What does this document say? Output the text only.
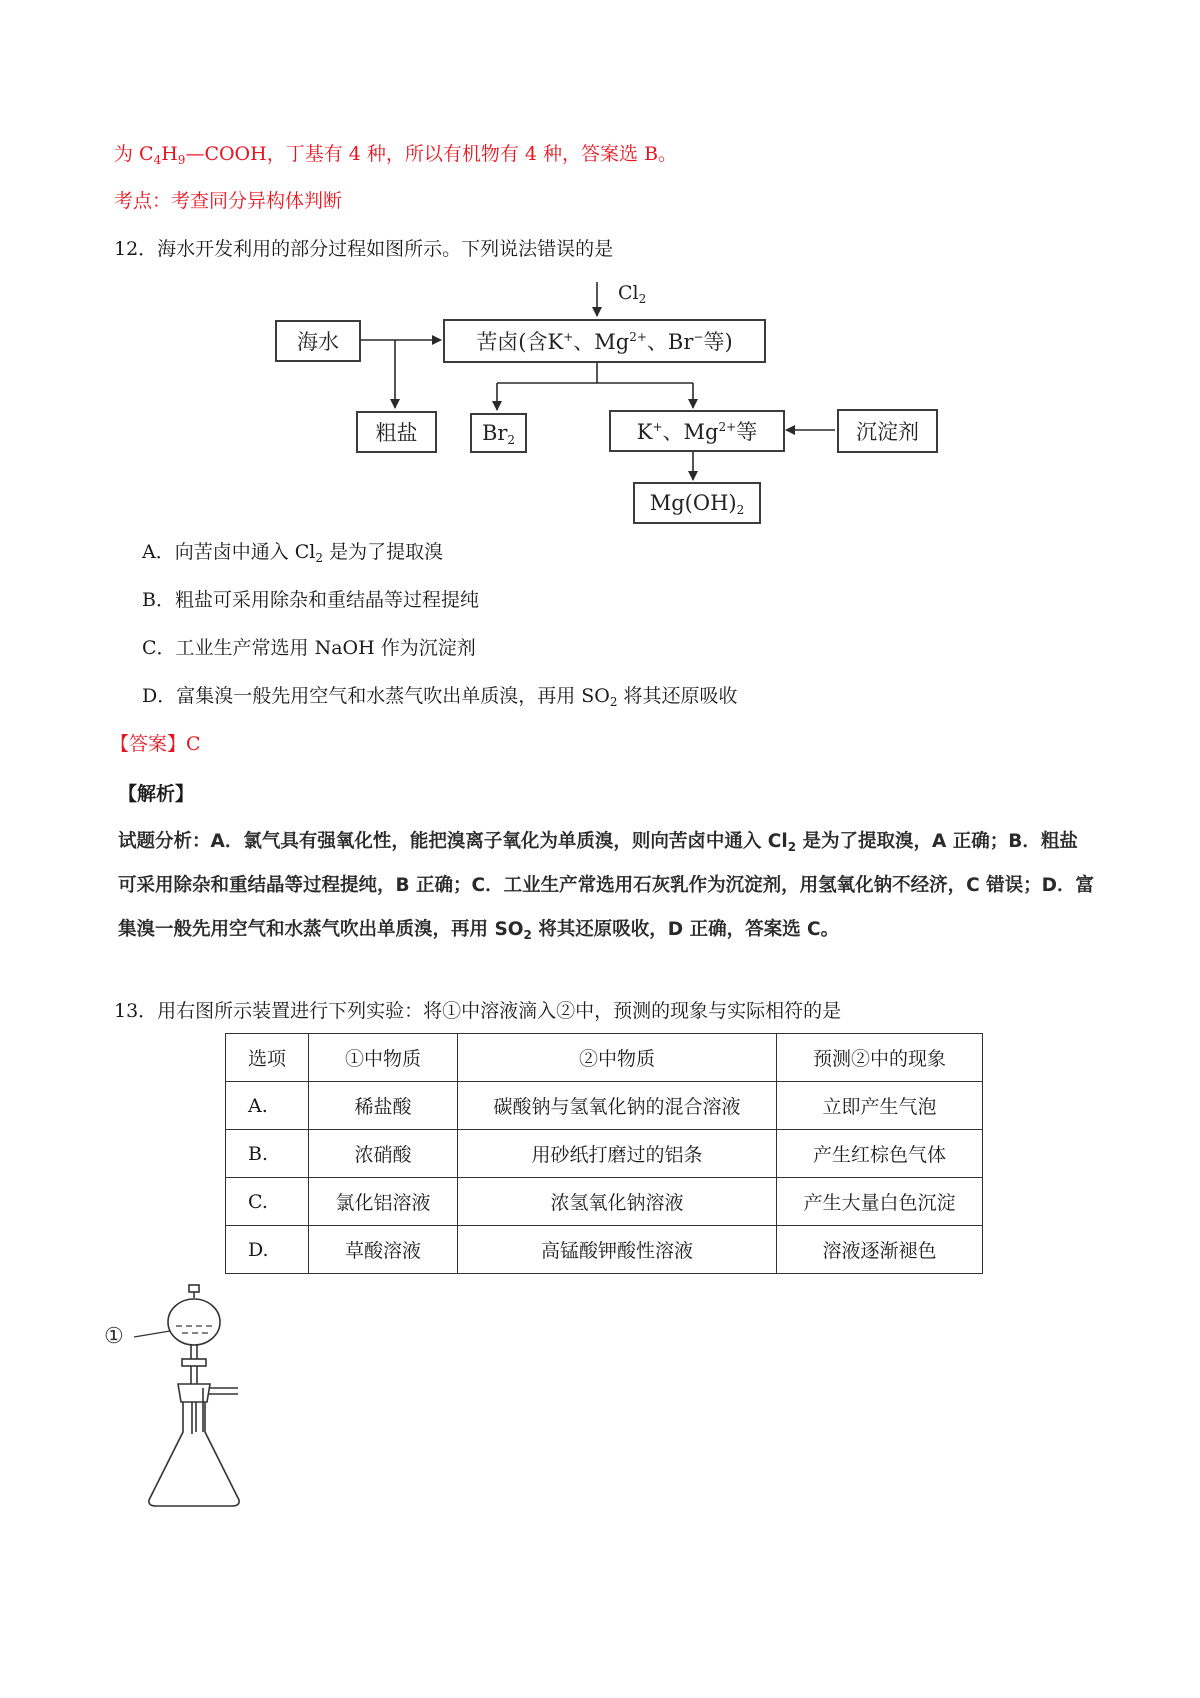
为 $C_4H_9—COOH$，丁基有 4 种，所以有机物有 4 种，答案选 B。
考点：考查同分异构体判断
12．海水开发利用的部分过程如图所示。下列说法错误的是
$Cl_2$
海水	苦卤(含K+、$Mg^{2+}$、Br−等)
粗盐	$Br_2$	K+、$Mg^{2+}$等	沉淀剂
$Mg(OH)_2$
A．向苦卤中通入 $Cl_2$ 是为了提取溴
B．粗盐可采用除杂和重结晶等过程提纯
C．工业生产常选用 NaOH 作为沉淀剂
D．富集溴一般先用空气和水蒸气吹出单质溴，再用 $SO_2$ 将其还原吸收
【答案】C
【解析】
试题分析：A．氯气具有强氧化性，能把溴离子氧化为单质溴，则向苦卤中通入 $Cl_2$ 是为了提取溴，A 正确；B．粗盐可采用除杂和重结晶等过程提纯，B 正确；C．工业生产常选用石灰乳作为沉淀剂，用氢氧化钠不经济，C 错误；D．富集溴一般先用空气和水蒸气吹出单质溴，再用 $SO_2$ 将其还原吸收，D 正确，答案选 C。
13．用右图所示装置进行下列实验：将①中溶液滴入②中，预测的现象与实际相符的是
选项	①中物质	②中物质	预测②中的现象
A.	稀盐酸	碳酸钠与氢氧化钠的混合溶液	立即产生气泡
B.	浓硝酸	用砂纸打磨过的铝条	产生红棕色气体
C.	氯化铝溶液	浓氢氧化钠溶液	产生大量白色沉淀
D.	草酸溶液	高锰酸钾酸性溶液	溶液逐渐褪色
①
